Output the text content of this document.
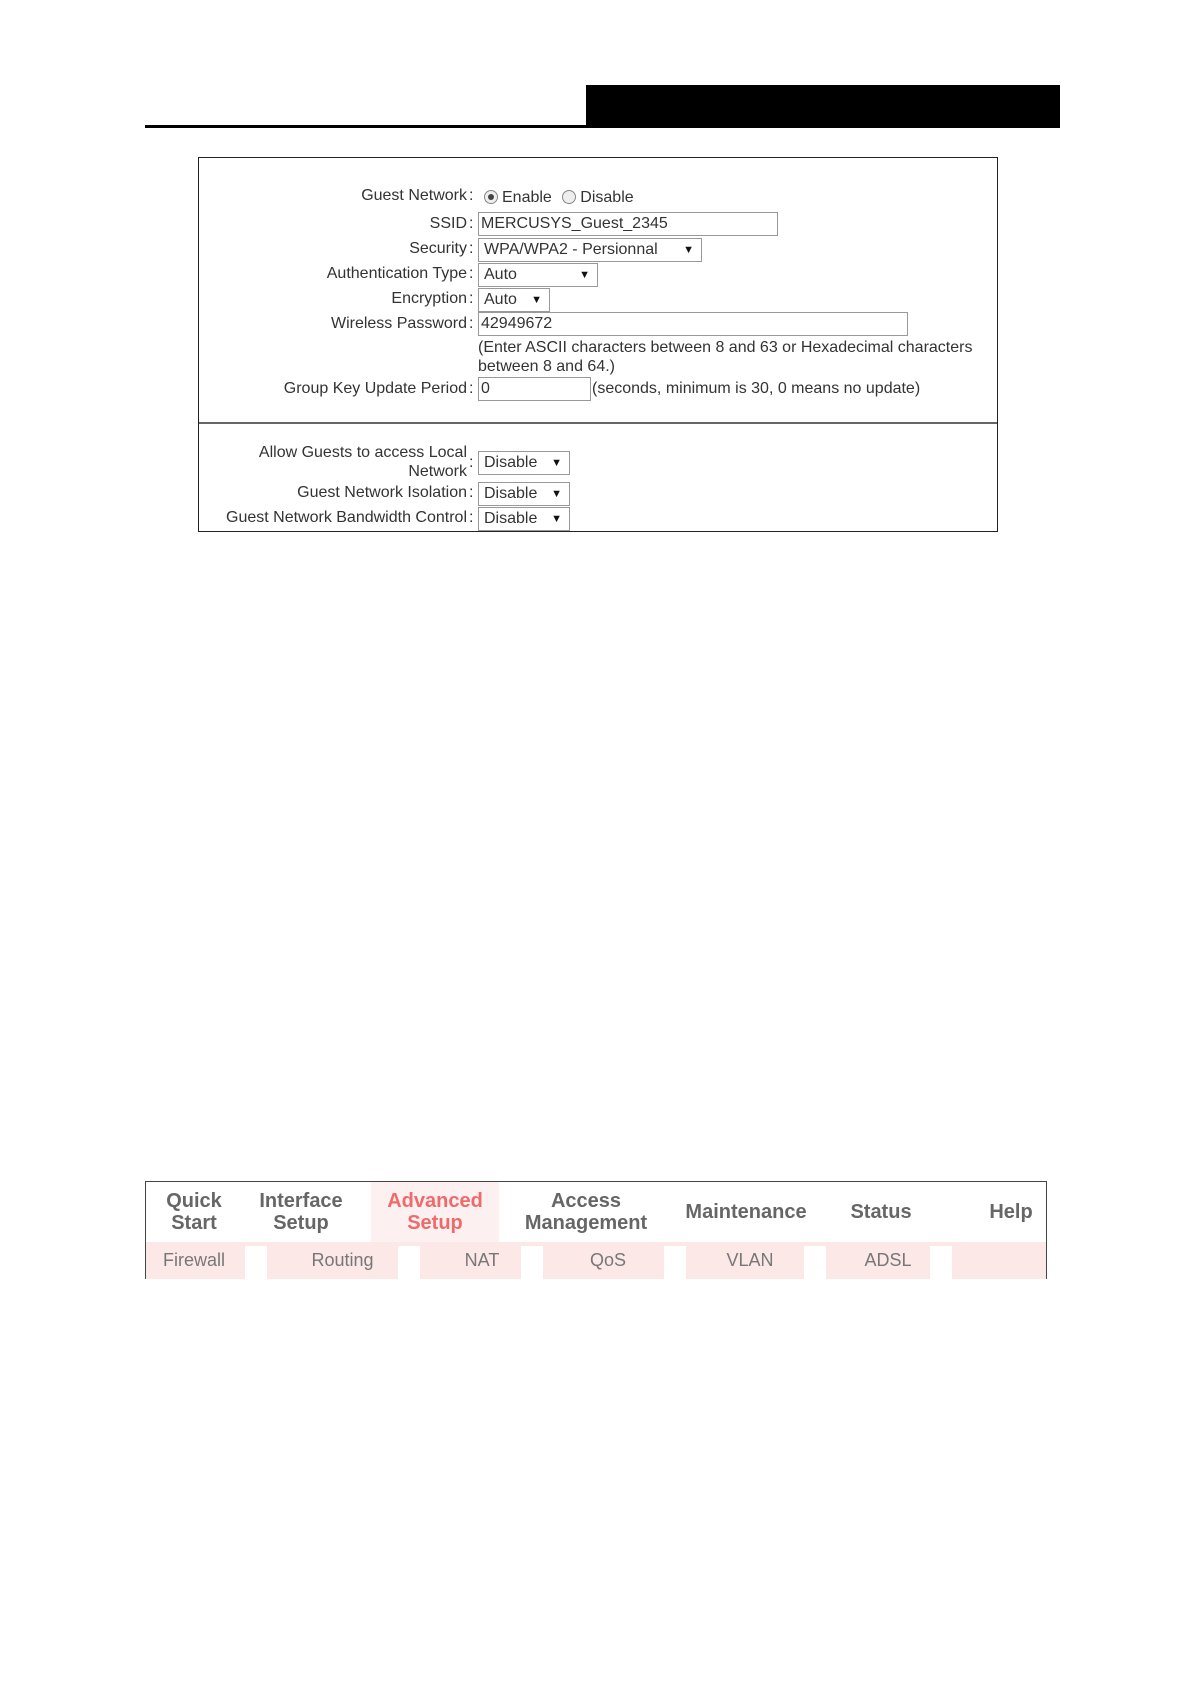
Guest Network :	Enable Disable
SSID : MERCUSYS_Guest_2345
Security : WPA/WPA2 - Persionnal ▼
Authentication Type : Auto	▼
Encryption : Auto ▼
Wireless Password : 42949672
(Enter ASCII characters between 8 and 63 or Hexadecimal characters
between 8 and 64.)
Group Key Update Period : 0	(seconds, minimum is 30, 0 means no update)
Allow Guests to access Local
Network
: Disable ▼
Guest Network Isolation : Disable ▼
Guest Network Bandwidth Control : Disable ▼
Quick
Start
Interface
Setup
Advanced
Setup
Access
Management Maintenance Status	Help
Firewall	Routing	NAT	QoS	VLAN	ADSL
